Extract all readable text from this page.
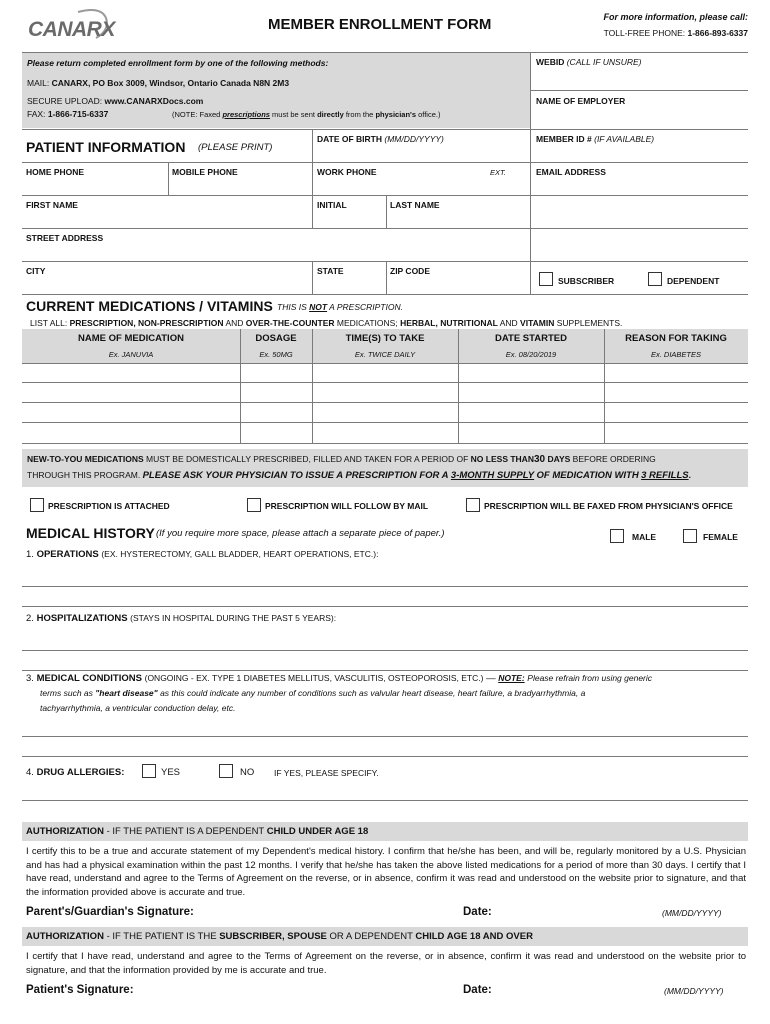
CANARX	MEMBER ENROLLMENT FORM	For more information, please call:
TOLL-FREE PHONE: 1-866-893-6337
Please return completed enrollment form by one of the following methods:
MAIL: CANARX, PO Box 3009, Windsor, Ontario Canada N8N 2M3
SECURE UPLOAD: www.CANARXDocs.com
FAX: 1-866-715-6337	(NOTE: Faxed prescriptions must be sent directly from the physician's office.)
WEBID (CALL IF UNSURE)
NAME OF EMPLOYER
PATIENT INFORMATION (PLEASE PRINT)
DATE OF BIRTH (MM/DD/YYYY)	MEMBER ID # (IF AVAILABLE)
HOME PHONE	MOBILE PHONE	WORK PHONE	EXT.	EMAIL ADDRESS
FIRST NAME	INITIAL	LAST NAME
STREET ADDRESS
CITY	STATE	ZIP CODE
SUBSCRIBER	DEPENDENT
CURRENT MEDICATIONS / VITAMINS THIS IS NOT A PRESCRIPTION.
LIST ALL: PRESCRIPTION, NON-PRESCRIPTION AND OVER-THE-COUNTER MEDICATIONS; HERBAL, NUTRITIONAL AND VITAMIN SUPPLEMENTS.
NAME OF MEDICATION	DOSAGE	TIME(S) TO TAKE	DATE STARTED	REASON FOR TAKING
Ex. JANUVIA	Ex. 50MG	Ex. TWICE DAILY	Ex. 08/20/2019	Ex. DIABETES
NEW-TO-YOU MEDICATIONS MUST BE DOMESTICALLY PRESCRIBED, FILLED AND TAKEN FOR A PERIOD OF NO LESS THAN30 DAYS BEFORE ORDERING
THROUGH THIS PROGRAM. PLEASE ASK YOUR PHYSICIAN TO ISSUE A PRESCRIPTION FOR A 3-MONTH SUPPLY OF MEDICATION WITH 3 REFILLS.
PRESCRIPTION IS ATTACHED	PRESCRIPTION WILL FOLLOW BY MAIL	PRESCRIPTION WILL BE FAXED FROM PHYSICIAN'S OFFICE
MEDICAL HISTORY (If you require more space, please attach a separate piece of paper.)	MALE	FEMALE
1. OPERATIONS (EX. HYSTERECTOMY, GALL BLADDER, HEART OPERATIONS, ETC.):
2. HOSPITALIZATIONS (STAYS IN HOSPITAL DURING THE PAST 5 YEARS):
3. MEDICAL CONDITIONS (ONGOING - EX. TYPE 1 DIABETES MELLITUS, VASCULITIS, OSTEOPOROSIS, ETC.) — NOTE: Please refrain from using generic
terms such as "heart disease" as this could indicate any number of conditions such as valvular heart disease, heart failure, a bradyarrhythmia, a
tachyarrhythmia, a ventricular conduction delay, etc.
4. DRUG ALLERGIES:	YES	NO IF YES, PLEASE SPECIFY.
AUTHORIZATION - IF THE PATIENT IS A DEPENDENT CHILD UNDER AGE 18
I certify this to be a true and accurate statement of my Dependent's medical history. I confirm that he/she has been, and will be, regularly monitored by a U.S. Physician and has had a physical examination within the past 12 months. I verify that he/she has taken the above listed medications for a period of more than 30 days. I certify that I have read, understand and agree to the Terms of Agreement on the reverse, or in absence, confirm it was read and understood on the website prior to signature, and that the information provided above is accurate and true.
Parent's/Guardian's Signature:	Date:	(MM/DD/YYYY)
AUTHORIZATION - IF THE PATIENT IS THE SUBSCRIBER, SPOUSE OR A DEPENDENT CHILD AGE 18 AND OVER
I certify that I have read, understand and agree to the Terms of Agreement on the reverse, or in absence, confirm it was read and understood on the website prior to signature, and that the information provided by me is accurate and true.
Patient's Signature:	Date:	(MM/DD/YYYY)
